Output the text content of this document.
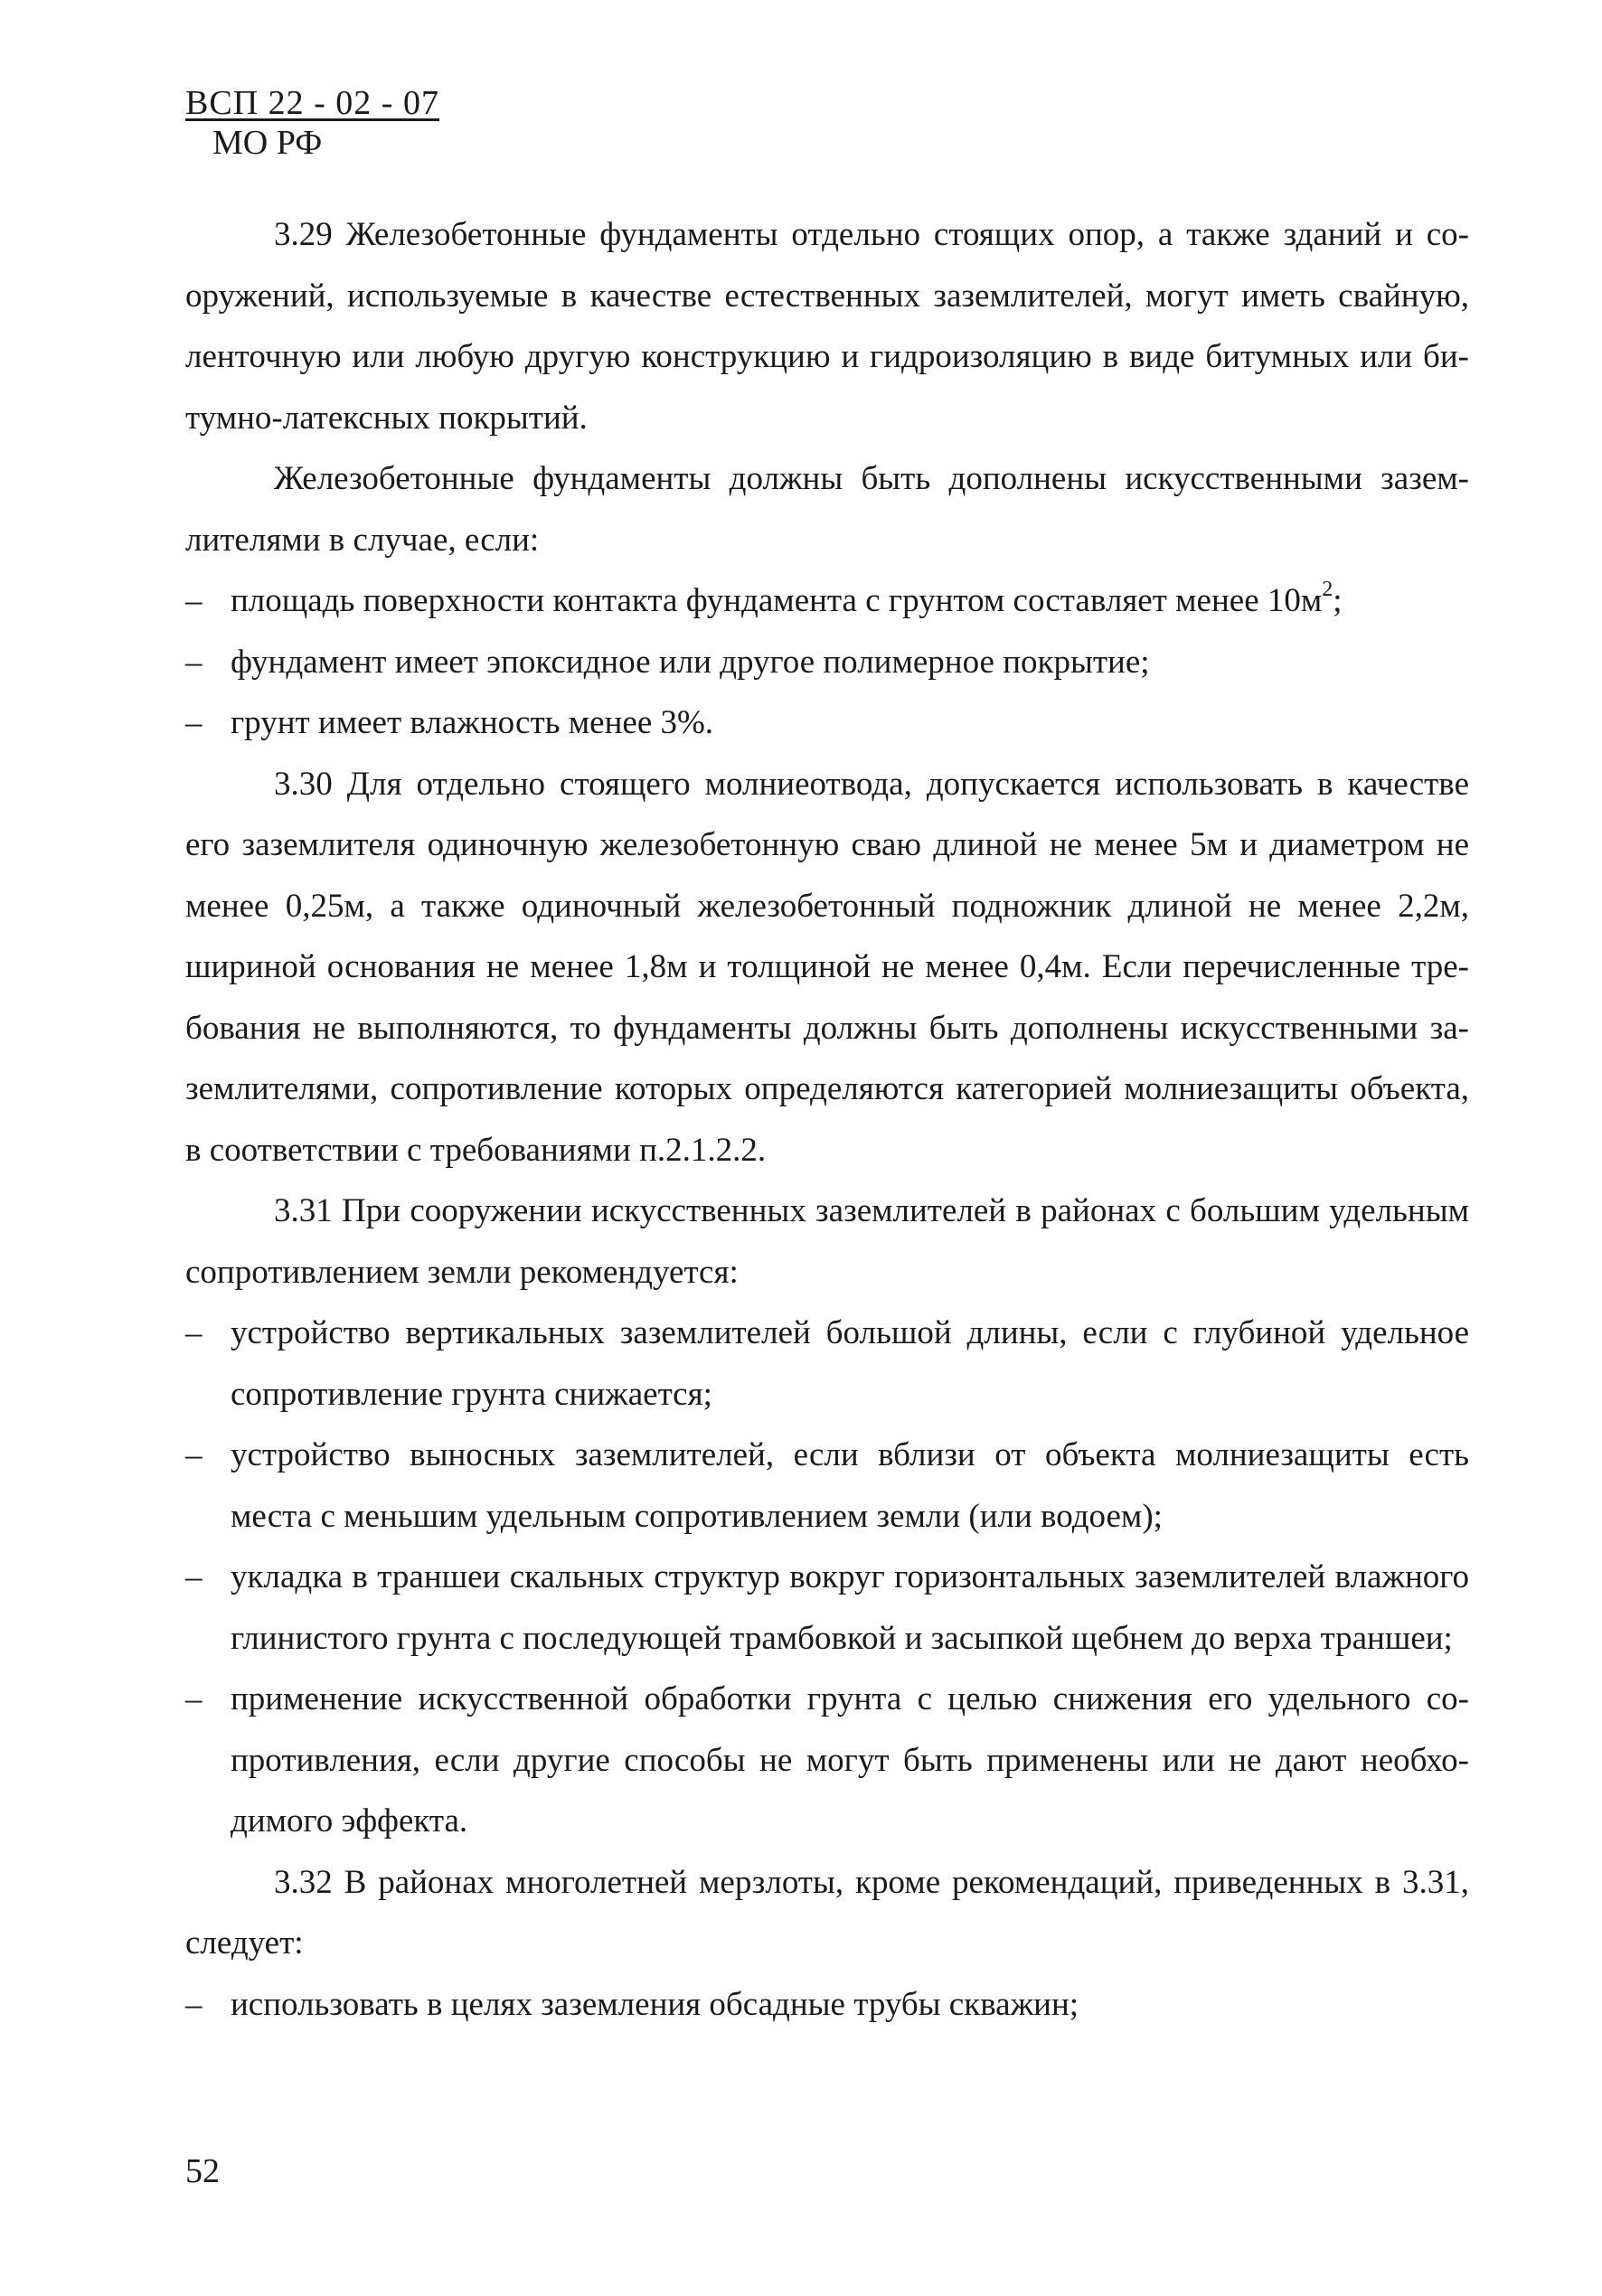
ВСП 22 - 02 - 07
МО РФ

3.29 Железобетонные фундаменты отдельно стоящих опор, а также зданий и сооружений, используемые в качестве естественных заземлителей, могут иметь свайную, ленточную или любую другую конструкцию и гидроизоляцию в виде битумных или битумно-латексных покрытий.

Железобетонные фундаменты должны быть дополнены искусственными заземлителями в случае, если:

– площадь поверхности контакта фундамента с грунтом составляет менее $10м^2$;
– фундамент имеет эпоксидное или другое полимерное покрытие;
– грунт имеет влажность менее 3%.

3.30 Для отдельно стоящего молниеотвода, допускается использовать в качестве его заземлителя одиночную железобетонную сваю длиной не менее 5м и диаметром не менее 0,25м, а также одиночный железобетонный подножник длиной не менее 2,2м, шириной основания не менее 1,8м и толщиной не менее 0,4м. Если перечисленные требования не выполняются, то фундаменты должны быть дополнены искусственными заземлителями, сопротивление которых определяются категорией молниезащиты объекта, в соответствии с требованиями п.2.1.2.2.

3.31 При сооружении искусственных заземлителей в районах с большим удельным сопротивлением земли рекомендуется:

– устройство вертикальных заземлителей большой длины, если с глубиной удельное сопротивление грунта снижается;
– устройство выносных заземлителей, если вблизи от объекта молниезащиты есть места с меньшим удельным сопротивлением земли (или водоем);
– укладка в траншеи скальных структур вокруг горизонтальных заземлителей влажного глинистого грунта с последующей трамбовкой и засыпкой щебнем до верха траншеи;
– применение искусственной обработки грунта с целью снижения его удельного сопротивления, если другие способы не могут быть применены или не дают необходимого эффекта.

3.32 В районах многолетней мерзлоты, кроме рекомендаций, приведенных в 3.31, следует:

– использовать в целях заземления обсадные трубы скважин;
52
